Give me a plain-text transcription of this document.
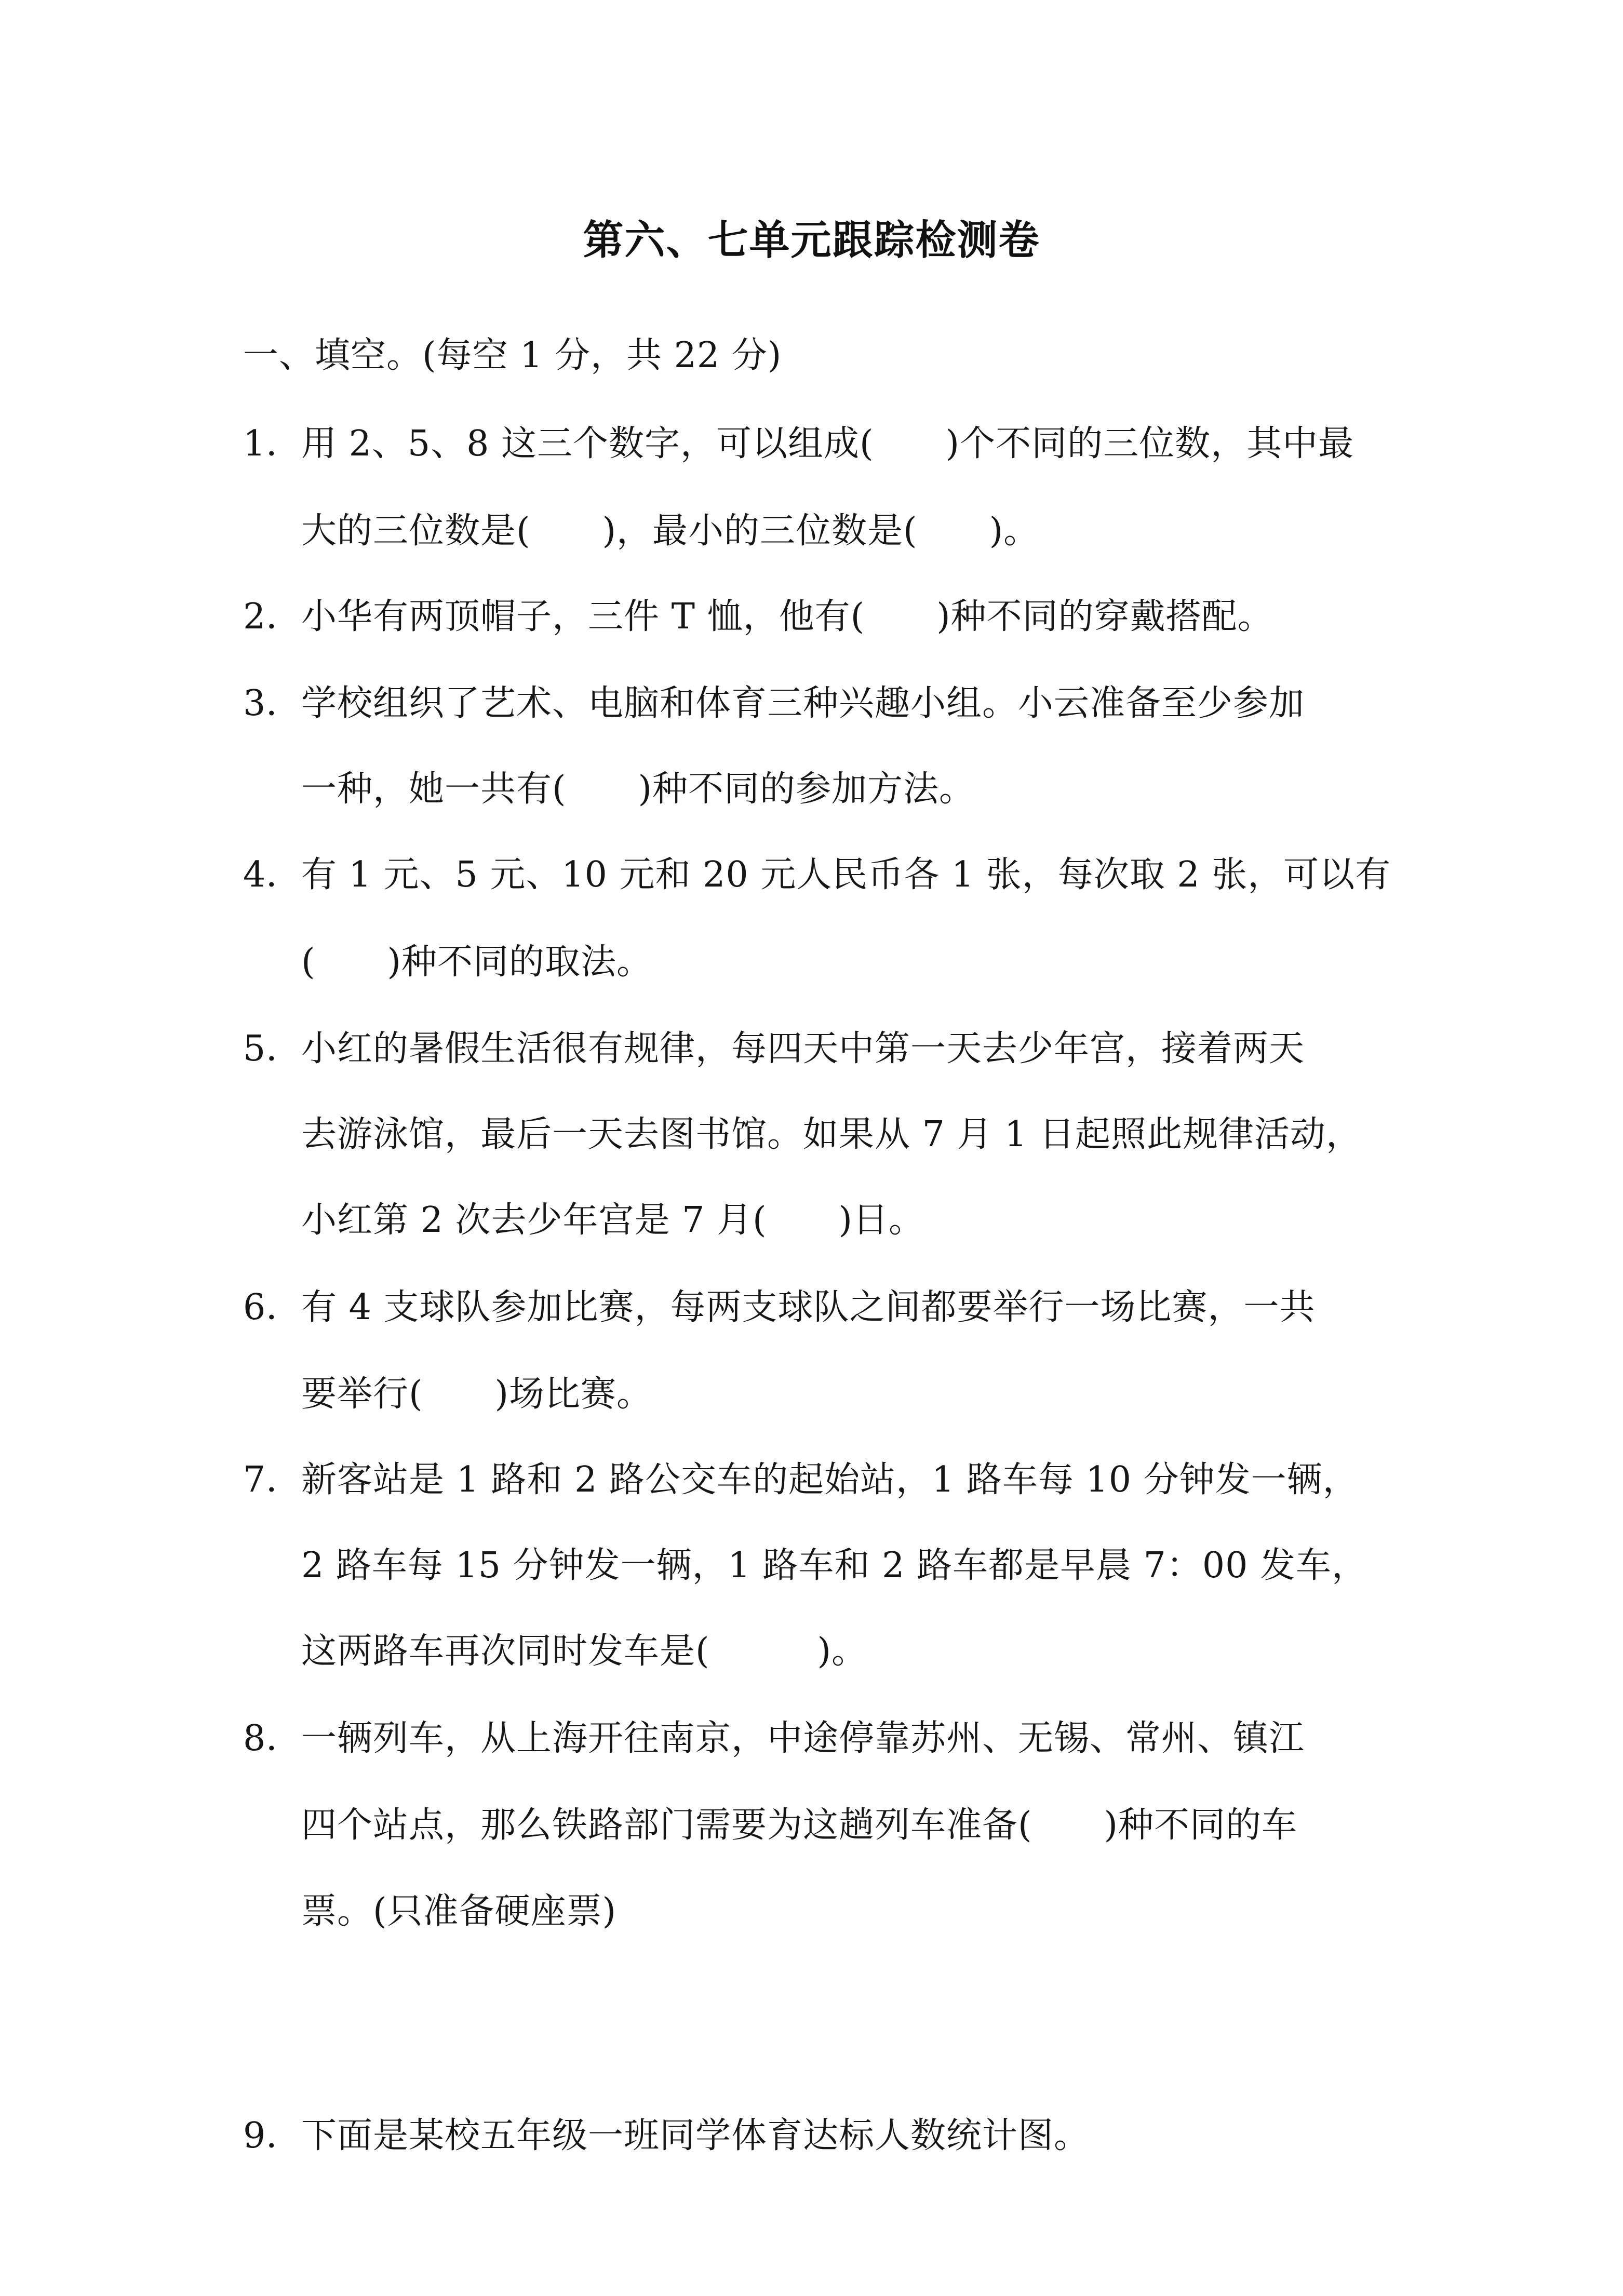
第六、七单元跟踪检测卷
一、填空。(每空 1 分，共 22 分)
1．
用 2、5、8 这三个数字，可以组成(　　)个不同的三位数，其中最
大的三位数是(　　)，最小的三位数是(　　)。
2．
小华有两顶帽子，三件 T 恤，他有(　　)种不同的穿戴搭配。
3．
学校组织了艺术、电脑和体育三种兴趣小组。小云准备至少参加
一种，她一共有(　　)种不同的参加方法。
4．
有 1 元、5 元、10 元和 20 元人民币各 1 张，每次取 2 张，可以有
(　　)种不同的取法。
5．
小红的暑假生活很有规律，每四天中第一天去少年宫，接着两天
去游泳馆，最后一天去图书馆。如果从 7 月 1 日起照此规律活动，
小红第 2 次去少年宫是 7 月(　　)日。
6．
有 4 支球队参加比赛，每两支球队之间都要举行一场比赛，一共
要举行(　　)场比赛。
7．
新客站是 1 路和 2 路公交车的起始站，1 路车每 10 分钟发一辆，
2 路车每 15 分钟发一辆，1 路车和 2 路车都是早晨 7：00 发车，
这两路车再次同时发车是(　　　)。
8．
一辆列车，从上海开往南京，中途停靠苏州、无锡、常州、镇江
四个站点，那么铁路部门需要为这趟列车准备(　　)种不同的车
票。(只准备硬座票)
9．
下面是某校五年级一班同学体育达标人数统计图。
